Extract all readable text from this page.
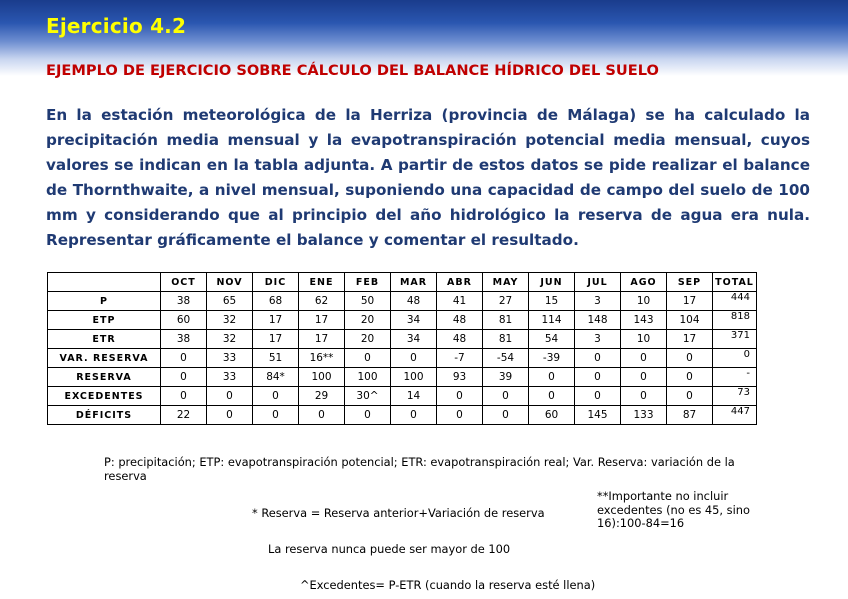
Ejercicio 4.2
EJEMPLO DE EJERCICIO SOBRE CÁLCULO DEL BALANCE HÍDRICO DEL SUELO
En la estación meteorológica de la Herriza (provincia de Málaga) se ha calculado la precipitación media mensual y la evapotranspiración potencial media mensual, cuyos valores se indican en la tabla adjunta. A partir de estos datos se pide realizar el balance de Thornthwaite, a nivel mensual, suponiendo una capacidad de campo del suelo de 100 mm y considerando que al principio del año hidrológico la reserva de agua era nula. Representar gráficamente el balance y comentar el resultado.
	OCT	NOV	DIC	ENE	FEB	MAR	ABR	MAY	JUN	JUL	AGO	SEP	TOTAL
P	38	65	68	62	50	48	41	27	15	3	10	17	444
ETP	60	32	17	17	20	34	48	81	114	148	143	104	818
ETR	38	32	17	17	20	34	48	81	54	3	10	17	371
VAR. RESERVA	0	33	51	16**	0	0	-7	-54	-39	0	0	0	0
RESERVA	0	33	84*	100	100	100	93	39	0	0	0	0	-
EXCEDENTES	0	0	0	29	30^	14	0	0	0	0	0	0	73
DÉFICITS	22	0	0	0	0	0	0	0	60	145	133	87	447
P: precipitación; ETP: evapotranspiración potencial; ETR: evapotranspiración real; Var. Reserva: variación de la reserva
* Reserva = Reserva anterior+Variación de reserva
**Importante no incluir excedentes (no es 45, sino 16):100-84=16
La reserva nunca puede ser mayor de 100
^Excedentes= P-ETR (cuando la reserva esté llena)
